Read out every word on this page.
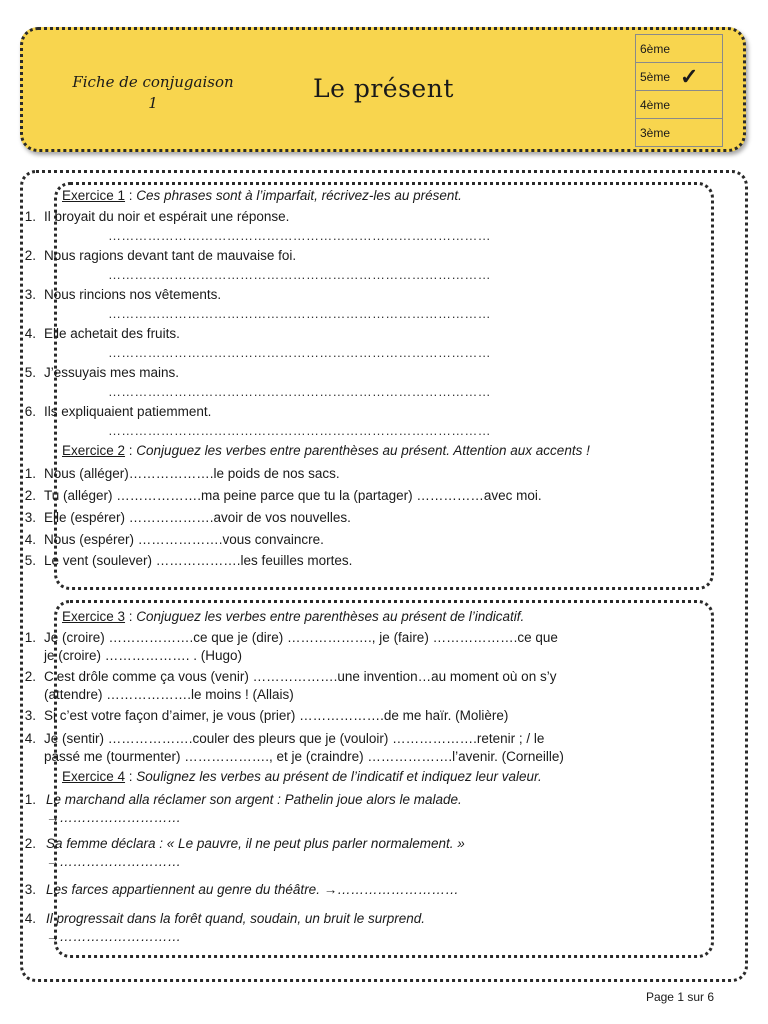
Fiche de conjugaison
1	Le présent
6ème
5ème ✓

4ème
3ème
Exercice 1 : Ces phrases sont à l’imparfait, récrivez-les au présent.
1. Il broyait du noir et espérait une réponse.
……………………………………………………………………………
2. Nous ragions devant tant de mauvaise foi.
……………………………………………………………………………
3. Nous rincions nos vêtements.
……………………………………………………………………………
4. Elle achetait des fruits.
……………………………………………………………………………
5. J’essuyais mes mains.
……………………………………………………………………………
6. Ils expliquaient patiemment.
……………………………………………………………………………
Exercice 2 : Conjuguez les verbes entre parenthèses au présent. Attention aux accents !
1. Nous (alléger)……………….le poids de nos sacs.
2. Tu (alléger) ……………….ma peine parce que tu la (partager) ……………avec moi.
3. Elle (espérer) ……………….avoir de vos nouvelles.
4. Nous (espérer) ……………….vous convaincre.
5. Le vent (soulever) ……………….les feuilles mortes.
Exercice 3 : Conjuguez les verbes entre parenthèses au présent de l’indicatif.
1. Je (croire) ……………….ce que je (dire) ………………., je (faire) ……………….ce que
je (croire) ………………. . (Hugo)
2. C’est drôle comme ça vous (venir) ……………….une invention…au moment où on s’y
(attendre) ……………….le moins ! (Allais)
3. Si c’est votre façon d’aimer, je vous (prier) ……………….de me haïr. (Molière)
4. Je (sentir) ……………….couler des pleurs que je (vouloir) ……………….retenir ; / le
passé me (tourmenter) ………………., et je (craindre) ……………….l’avenir. (Corneille)
Exercice 4 : Soulignez les verbes au présent de l’indicatif et indiquez leur valeur.
1. Le marchand alla réclamer son argent : Pathelin joue alors le malade.
→………………………
2. Sa femme déclara : « Le pauvre, il ne peut plus parler normalement. »
→………………………
3. Les farces appartiennent au genre du théâtre. →………………………
4. Il progressait dans la forêt quand, soudain, un bruit le surprend.
→………………………
Page 1 sur 6
